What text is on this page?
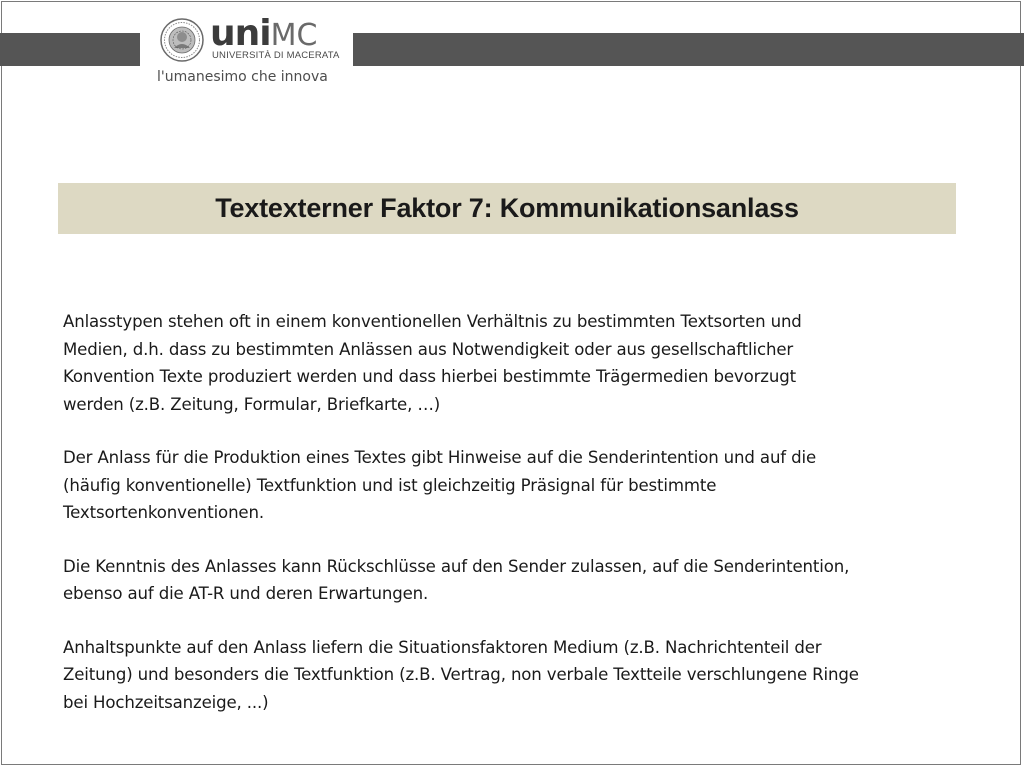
uniMC
UNIVERSITÀ DI MACERATA
l'umanesimo che innova
Textexterner Faktor 7: Kommunikationsanlass

Anlasstypen stehen oft in einem konventionellen Verhältnis zu bestimmten Textsorten und
Medien, d.h. dass zu bestimmten Anlässen aus Notwendigkeit oder aus gesellschaftlicher
Konvention Texte produziert werden und dass hierbei bestimmte Trägermedien bevorzugt
werden (z.B. Zeitung, Formular, Briefkarte, …)

Der Anlass für die Produktion eines Textes gibt Hinweise auf die Senderintention und auf die
(häufig konventionelle) Textfunktion und ist gleichzeitig Präsignal für bestimmte
Textsortenkonventionen.

Die Kenntnis des Anlasses kann Rückschlüsse auf den Sender zulassen, auf die Senderintention,
ebenso auf die AT-R und deren Erwartungen.

Anhaltspunkte auf den Anlass liefern die Situationsfaktoren Medium (z.B. Nachrichtenteil der
Zeitung) und besonders die Textfunktion (z.B. Vertrag, non verbale Textteile verschlungene Ringe
bei Hochzeitsanzeige, ...)
